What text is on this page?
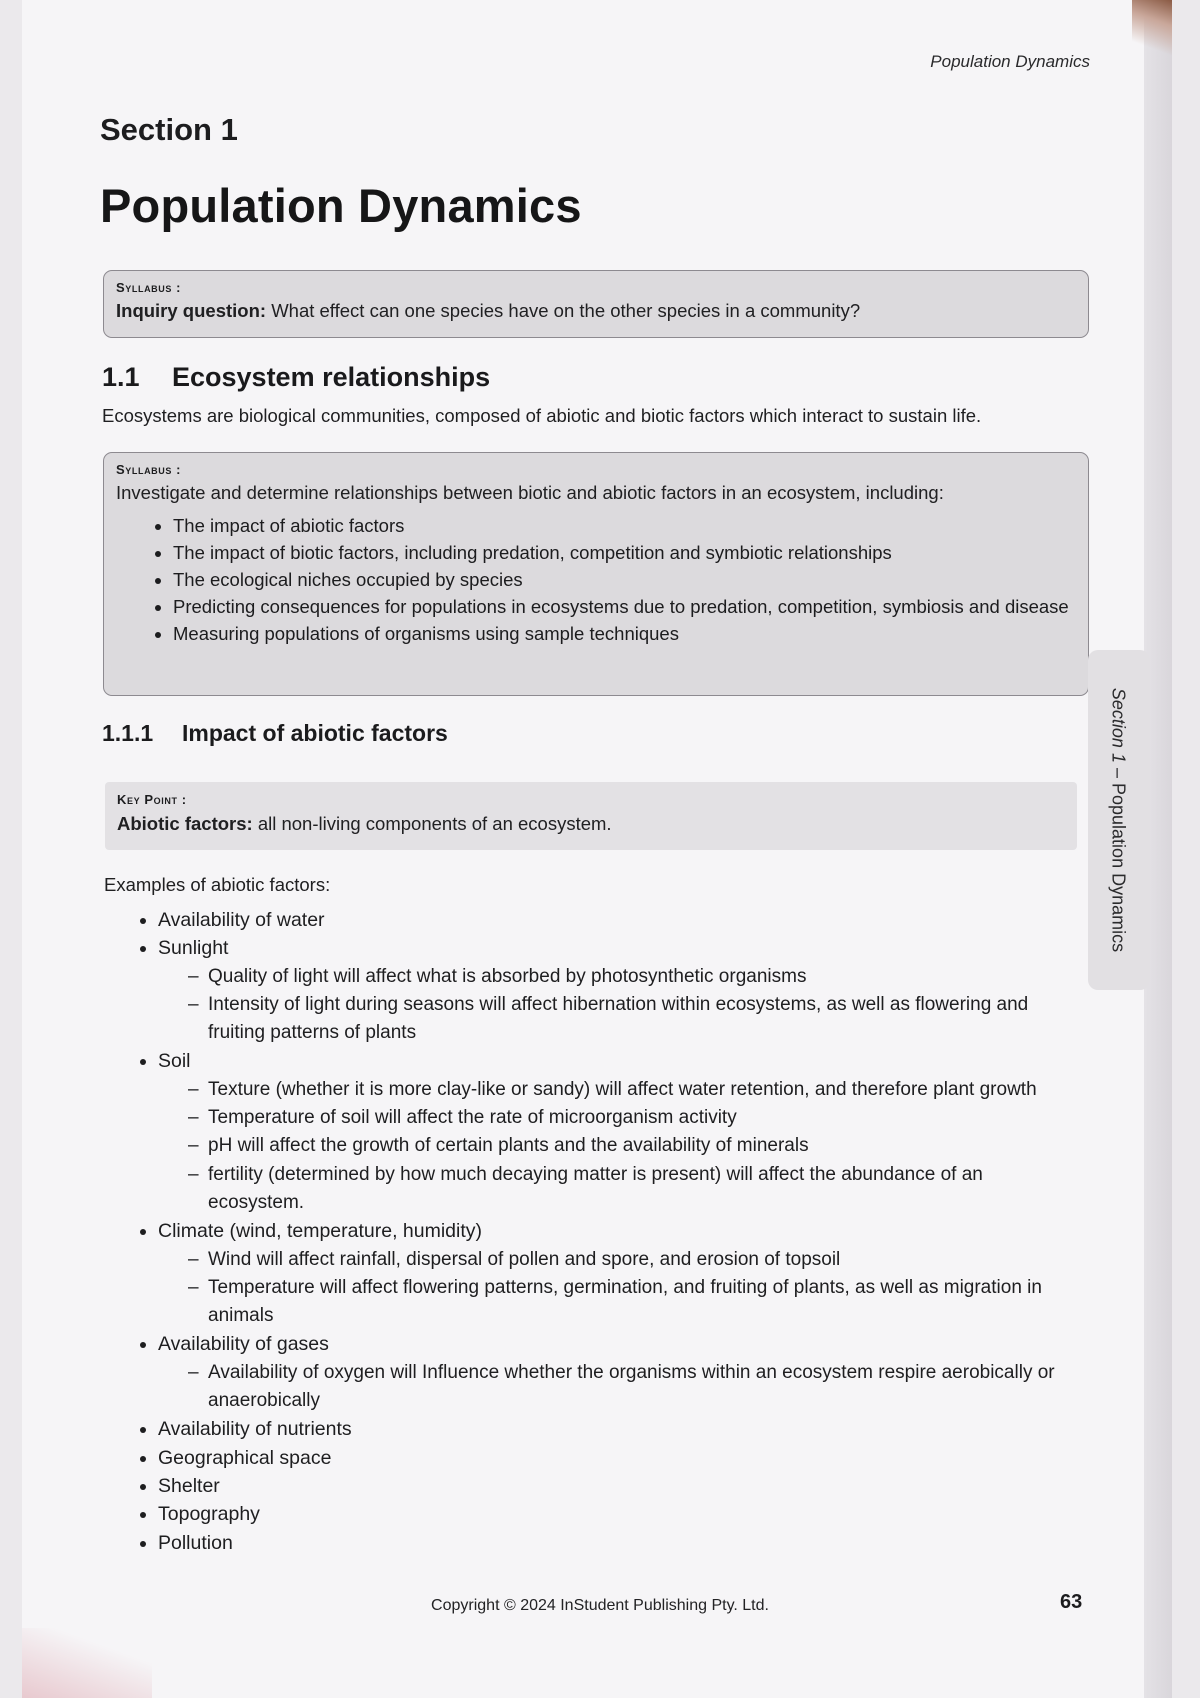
Population Dynamics
Section 1
Population Dynamics
Syllabus :
Inquiry question: What effect can one species have on the other species in a community?
1.1 Ecosystem relationships
Ecosystems are biological communities, composed of abiotic and biotic factors which interact to sustain life.
Syllabus :
Investigate and determine relationships between biotic and abiotic factors in an ecosystem, including:
• The impact of abiotic factors
• The impact of biotic factors, including predation, competition and symbiotic relationships
• The ecological niches occupied by species
• Predicting consequences for populations in ecosystems due to predation, competition, symbiosis and disease
• Measuring populations of organisms using sample techniques
1.1.1 Impact of abiotic factors
Key Point :
Abiotic factors: all non-living components of an ecosystem.
Examples of abiotic factors:
• Availability of water
• Sunlight
– Quality of light will affect what is absorbed by photosynthetic organisms
– Intensity of light during seasons will affect hibernation within ecosystems, as well as flowering and fruiting patterns of plants
• Soil
– Texture (whether it is more clay-like or sandy) will affect water retention, and therefore plant growth
– Temperature of soil will affect the rate of microorganism activity
– pH will affect the growth of certain plants and the availability of minerals
– fertility (determined by how much decaying matter is present) will affect the abundance of an ecosystem.
• Climate (wind, temperature, humidity)
– Wind will affect rainfall, dispersal of pollen and spore, and erosion of topsoil
– Temperature will affect flowering patterns, germination, and fruiting of plants, as well as migration in animals
• Availability of gases
– Availability of oxygen will Influence whether the organisms within an ecosystem respire aerobically or anaerobically
• Availability of nutrients
• Geographical space
• Shelter
• Topography
• Pollution
Section 1 – Population Dynamics
Copyright © 2024 InStudent Publishing Pty. Ltd.	63
